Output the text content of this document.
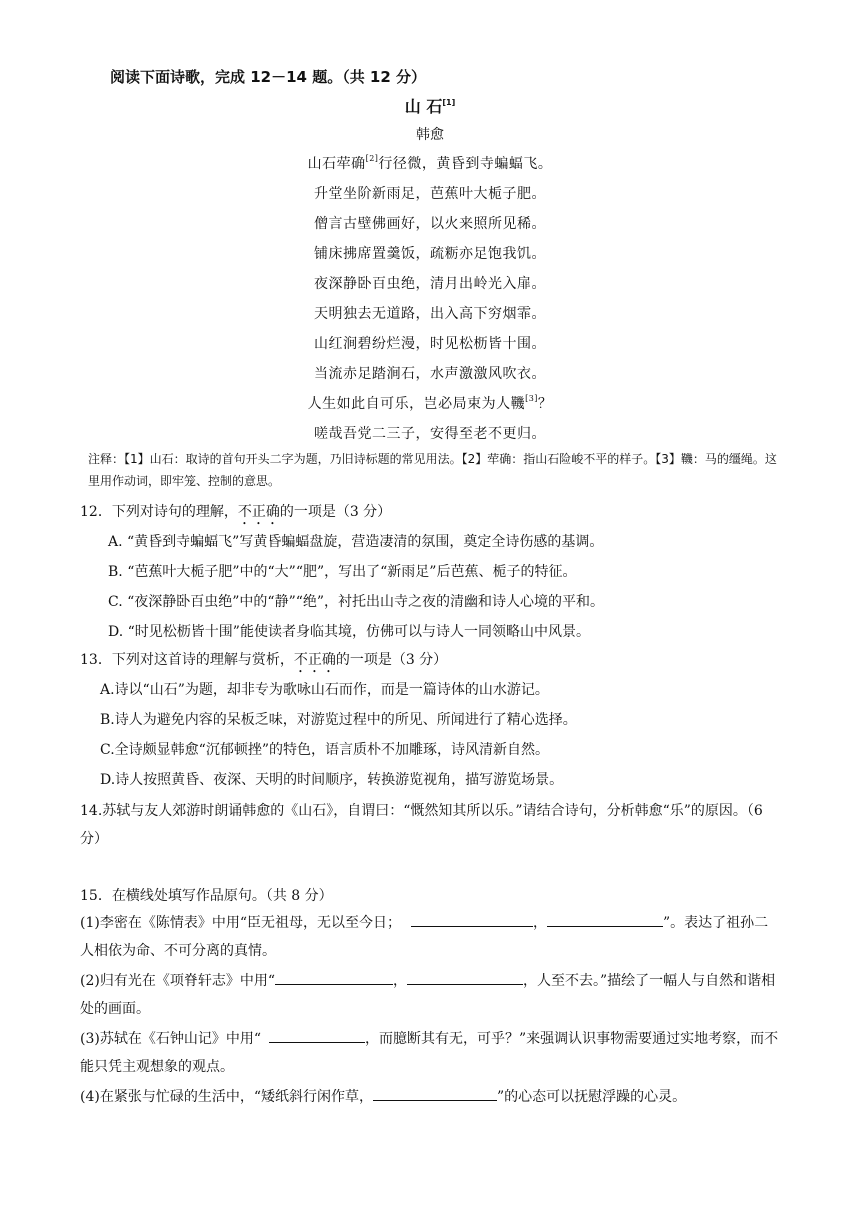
阅读下面诗歌，完成 12－14 题。（共 12 分）
山 石[1]
韩愈
山石荦确[2]行径微，黄昏到寺蝙蝠飞。
升堂坐阶新雨足，芭蕉叶大栀子肥。
僧言古壁佛画好，以火来照所见稀。
铺床拂席置羹饭，疏粝亦足饱我饥。
夜深静卧百虫绝，清月出岭光入扉。
天明独去无道路，出入高下穷烟霏。
山红涧碧纷烂漫，时见松枥皆十围。
当流赤足踏涧石，水声激激风吹衣。
人生如此自可乐，岂必局束为人鞿[3]？
嗟哉吾党二三子，安得至老不更归。
注释：【1】山石：取诗的首句开头二字为题，乃旧诗标题的常见用法。【2】荦确：指山石险峻不平的样子。【3】鞿：马的缰绳。这里用作动词，即牢笼、控制的意思。
12．下列对诗句的理解，不正确的一项是（3 分）
A. “黄昏到寺蝙蝠飞”写黄昏蝙蝠盘旋，营造凄清的氛围，奠定全诗伤感的基调。
B. “芭蕉叶大栀子肥”中的“大”“肥”，写出了“新雨足”后芭蕉、栀子的特征。
C. “夜深静卧百虫绝”中的“静”“绝”，衬托出山寺之夜的清幽和诗人心境的平和。
D. “时见松枥皆十围”能使读者身临其境，仿佛可以与诗人一同领略山中风景。
13．下列对这首诗的理解与赏析，不正确的一项是（3 分）
A.诗以“山石”为题，却非专为歌咏山石而作，而是一篇诗体的山水游记。
B.诗人为避免内容的呆板乏味，对游览过程中的所见、所闻进行了精心选择。
C.全诗颇显韩愈“沉郁顿挫”的特色，语言质朴不加雕琢，诗风清新自然。
D.诗人按照黄昏、夜深、天明的时间顺序，转换游览视角，描写游览场景。
14.苏轼与友人郊游时朗诵韩愈的《山石》，自谓曰：“慨然知其所以乐。”请结合诗句，分析韩愈“乐”的原因。（6 分）
15．在横线处填写作品原句。（共 8 分）
(1)李密在《陈情表》中用“臣无祖母，无以至今日；	，	”。表达了祖孙二人相依为命、不可分离的真情。
(2)归有光在《项脊轩志》中用“	，	，人至不去。”描绘了一幅人与自然和谐相处的画面。
(3)苏轼在《石钟山记》中用“	，而臆断其有无，可乎？”来强调认识事物需要通过实地考察，而不能只凭主观想象的观点。
(4)在紧张与忙碌的生活中，“矮纸斜行闲作草，	”的心态可以抚慰浮躁的心灵。
